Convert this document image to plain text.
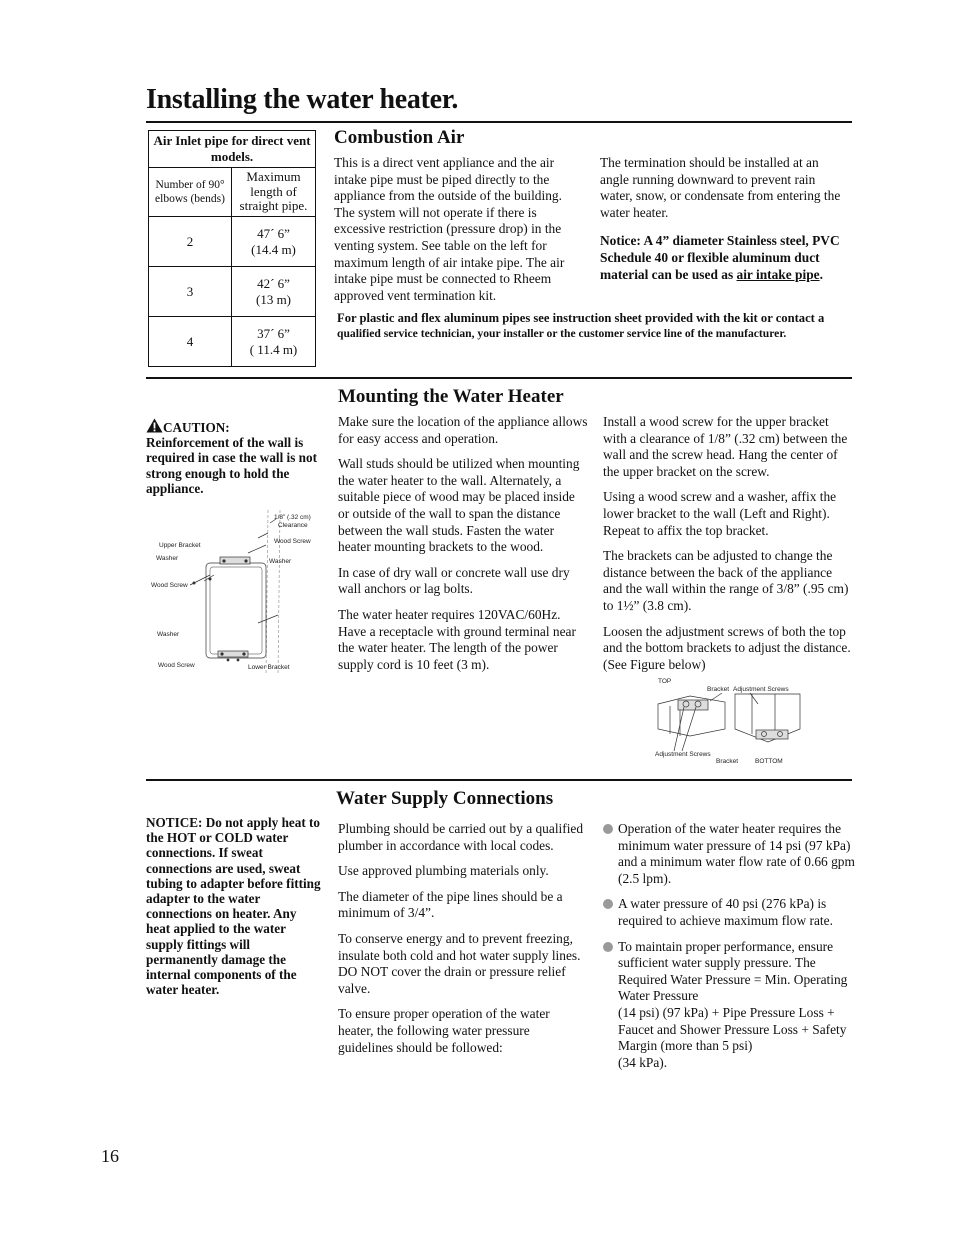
Installing the water heater.
Air Inlet pipe for direct vent models.	
Number of 90° elbows (bends)	Maximum length of straight pipe.
2	47´ 6”
(14.4 m)
3	42´ 6”
(13 m)
4	37´ 6”
( 11.4 m)
Combustion Air

This is a direct vent appliance and the air intake pipe must be piped directly to the appliance from the outside of the building. The system will not operate if there is excessive restriction (pressure drop) in the venting system. See table on the left for maximum length of air intake pipe. The air intake pipe must be connected to Rheem approved vent termination kit.

The termination should be installed at an angle running downward to prevent rain water, snow, or condensate from entering the water heater.

Notice: A 4” diameter Stainless steel, PVC Schedule 40 or flexible aluminum duct material can be used as air intake pipe.

For plastic and flex aluminum pipes see instruction sheet provided with the kit or contact a qualified service technician, your installer or the customer service line of the manufacturer.
Mounting the Water Heater
CAUTION:
Reinforcement of the wall is required in case the wall is not strong enough to hold the appliance.
1/8” (.32 cm)
Clearance
Wood Screw
Upper Bracket
Washer	Washer
Wood Screw
Washer
Wood Screw	Lower Bracket

Make sure the location of the appliance allows for easy access and operation.

Wall studs should be utilized when mounting the water heater to the wall. Alternately, a suitable piece of wood may be placed inside or outside of the wall to span the distance between the wall studs. Fasten the water heater mounting brackets to the wood.

In case of dry wall or concrete wall use dry wall anchors or lag bolts.

The water heater requires 120VAC/60Hz. Have a receptacle with ground terminal near the water heater. The length of the power supply cord is 10 feet (3 m).

Install a wood screw for the upper bracket with a clearance of 1/8” (.32 cm) between the wall and the screw head. Hang the center of the upper bracket on the screw.

Using a wood screw and a washer, affix the lower bracket to the wall (Left and Right). Repeat to affix the top bracket.

The brackets can be adjusted to change the distance between the back of the appliance and the wall within the range of 3/8” (.95 cm) to 1½” (3.8 cm).

Loosen the adjustment screws of both the top and the bottom brackets to adjust the distance. (See Figure below)

TOP
Bracket Adjustment Screws
Adjustment Screws
Bracket	BOTTOM
Water Supply Connections
NOTICE: Do not apply heat to the HOT or COLD water connections. If sweat connections are used, sweat tubing to adapter before fitting adapter to the water connections on heater. Any heat applied to the water supply fittings will permanently damage the internal components of the water heater.

Plumbing should be carried out by a qualified plumber in accordance with local codes.

Use approved plumbing materials only.

The diameter of the pipe lines should be a minimum of 3/4”.

To conserve energy and to prevent freezing, insulate both cold and hot water supply lines. DO NOT cover the drain or pressure relief valve.

To ensure proper operation of the water heater, the following water pressure guidelines should be followed:

Operation of the water heater requires the minimum water pressure of 14 psi (97 kPa) and a minimum water flow rate of 0.66 gpm (2.5 lpm).
A water pressure of 40 psi (276 kPa) is required to achieve maximum flow rate.
To maintain proper performance, ensure sufficient water supply pressure. The Required Water Pressure = Min. Operating Water Pressure
(14 psi) (97 kPa) + Pipe Pressure Loss + Faucet and Shower Pressure Loss + Safety Margin (more than 5 psi)
(34 kPa).
16
